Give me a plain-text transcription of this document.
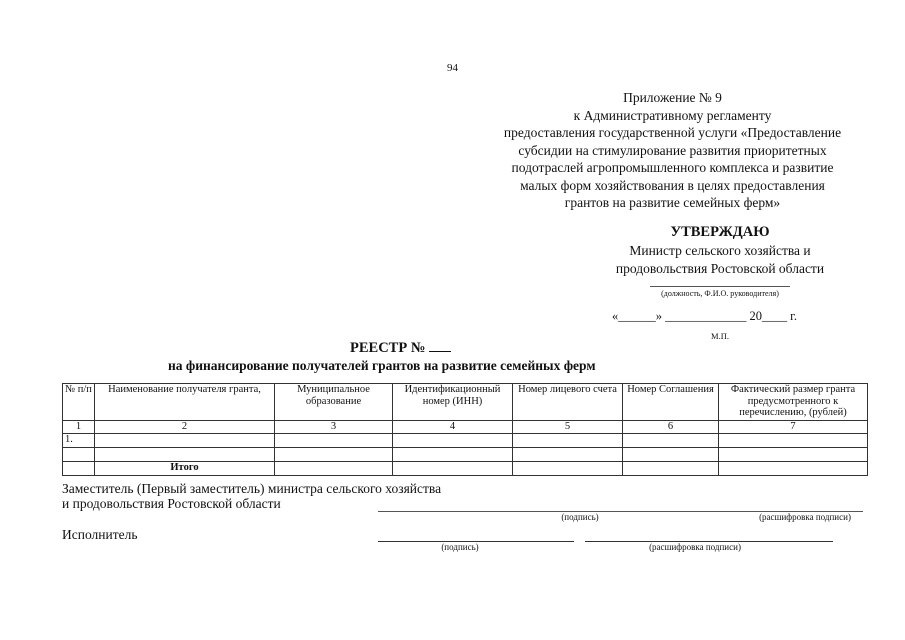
94
Приложение № 9
к Административному регламенту
предоставления государственной услуги «Предоставление
субсидии на стимулирование развития приоритетных
подотраслей агропромышленного комплекса и развитие
малых форм хозяйствования в целях предоставления
грантов на развитие семейных ферм»
УТВЕРЖДАЮ
Министр сельского хозяйства и
продовольствия Ростовской области
(должность, Ф.И.О. руководителя)
«______» _____________ 20____ г.
М.П.
РЕЕСТР №
на финансирование получателей грантов на развитие семейных ферм
№ п/п	Наименование получателя гранта,	Муниципальное образование	Идентификационный номер (ИНН)	Номер лицевого счета	Номер Соглашения	Фактический размер гранта предусмотренного к перечислению, (рублей)
1	2	3	4	5	6	7
1.						

	Итого					
Заместитель (Первый заместитель) министра сельского хозяйства
и продовольствия Ростовской области
(подпись)	(расшифровка подписи)
Исполнитель
(подпись)	(расшифровка подписи)
